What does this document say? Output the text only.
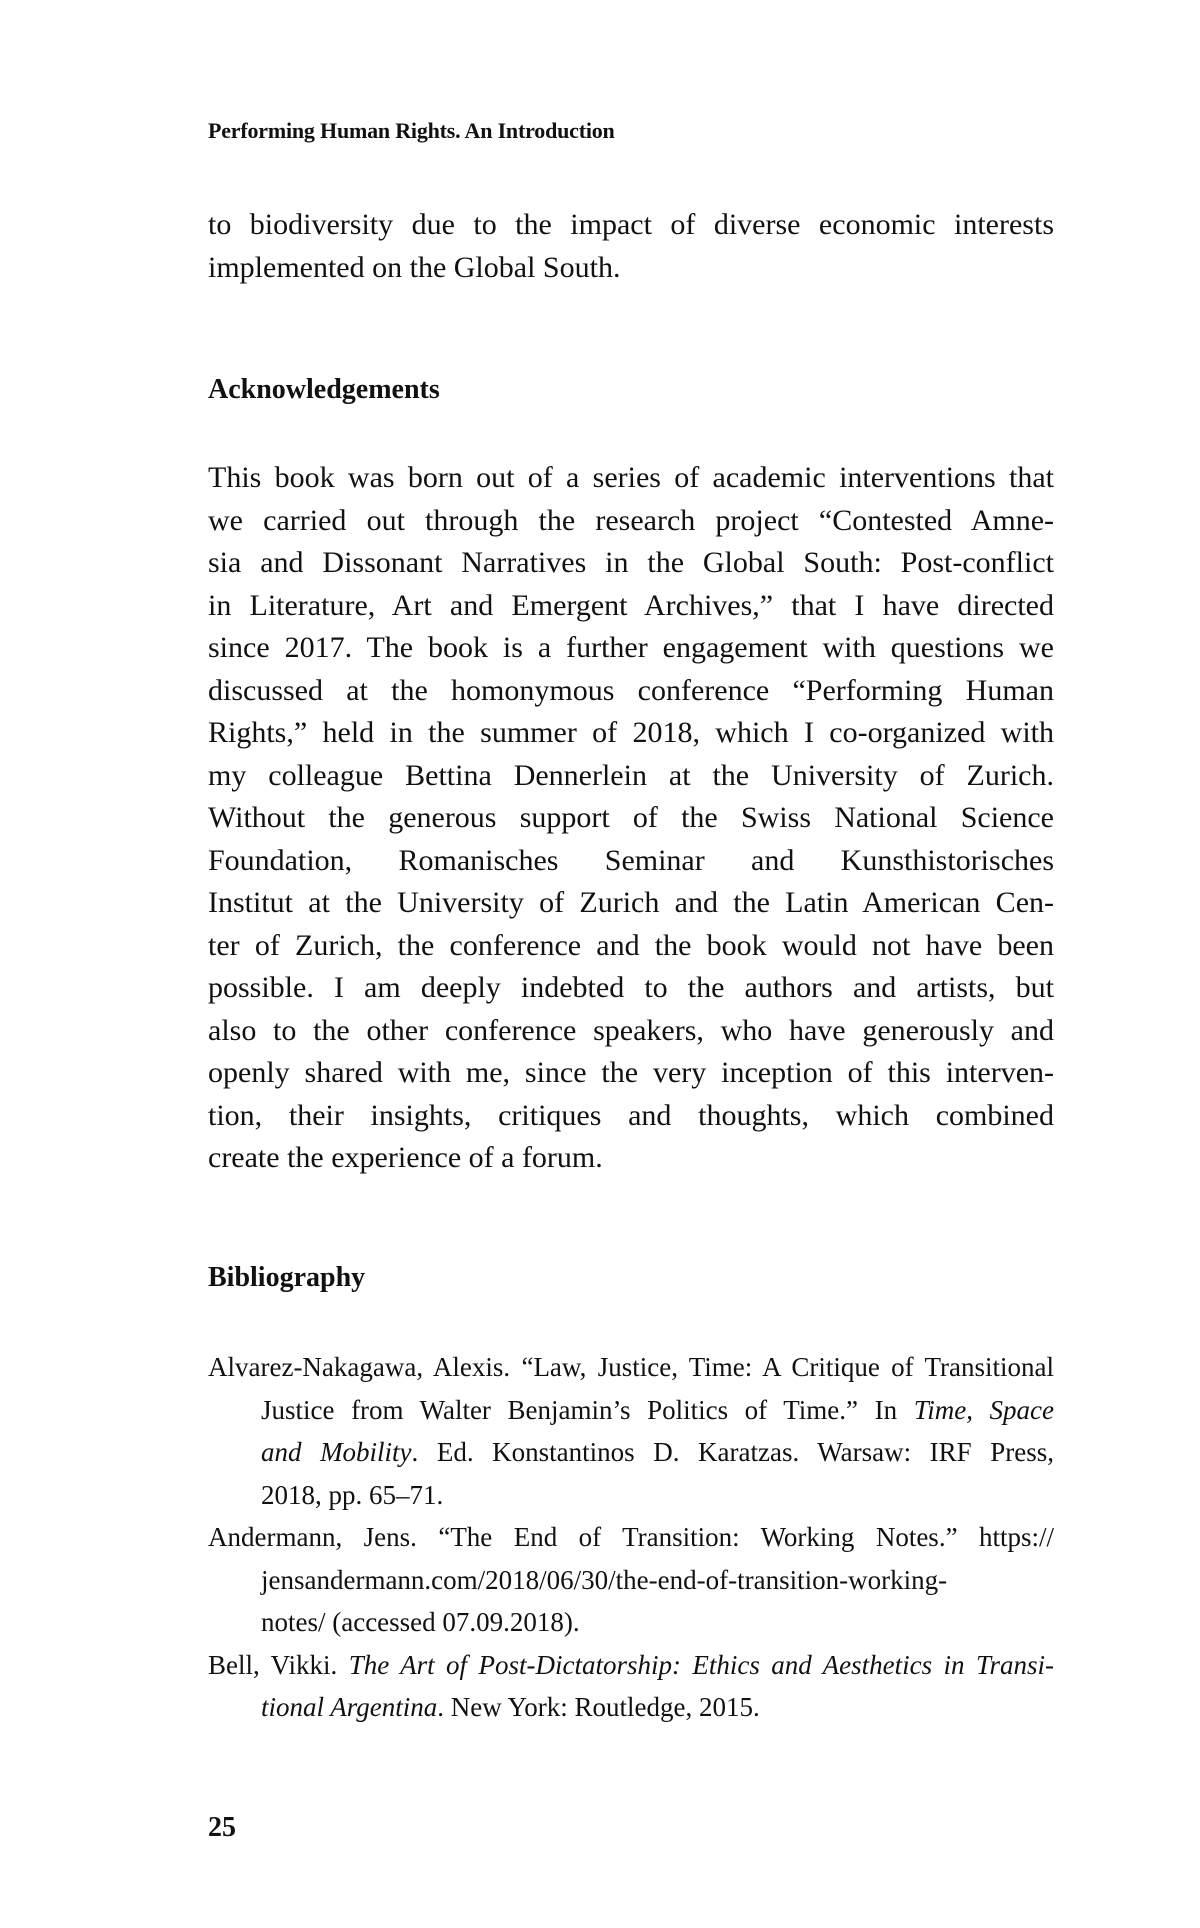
Performing Human Rights. An Introduction
to biodiversity due to the impact of diverse economic interests
implemented on the Global South.
Acknowledgements
This book was born out of a series of academic interventions that
we carried out through the research project “Contested Amne-
sia and Dissonant Narratives in the Global South: Post-conflict
in Literature, Art and Emergent Archives,” that I have directed
since 2017. The book is a further engagement with questions we
discussed at the homonymous conference “Performing Human
Rights,” held in the summer of 2018, which I co-organized with
my colleague Bettina Dennerlein at the University of Zurich.
Without the generous support of the Swiss National Science
Foundation, Romanisches Seminar and Kunsthistorisches
Institut at the University of Zurich and the Latin American Cen-
ter of Zurich, the conference and the book would not have been
possible. I am deeply indebted to the authors and artists, but
also to the other conference speakers, who have generously and
openly shared with me, since the very inception of this interven-
tion, their insights, critiques and thoughts, which combined
create the experience of a forum.
Bibliography
Alvarez-Nakagawa, Alexis. “Law, Justice, Time: A Critique of Transitional
Justice from Walter Benjamin’s Politics of Time.” In Time, Space
and Mobility. Ed. Konstantinos D. Karatzas. Warsaw: IRF Press,
2018, pp. 65–71.
Andermann, Jens. “The End of Transition: Working Notes.” https://
jensandermann.com/2018/06/30/the-end-of-transition-working-
notes/ (accessed 07.09.2018).
Bell, Vikki. The Art of Post-Dictatorship: Ethics and Aesthetics in Transi-
tional Argentina. New York: Routledge, 2015.
25
